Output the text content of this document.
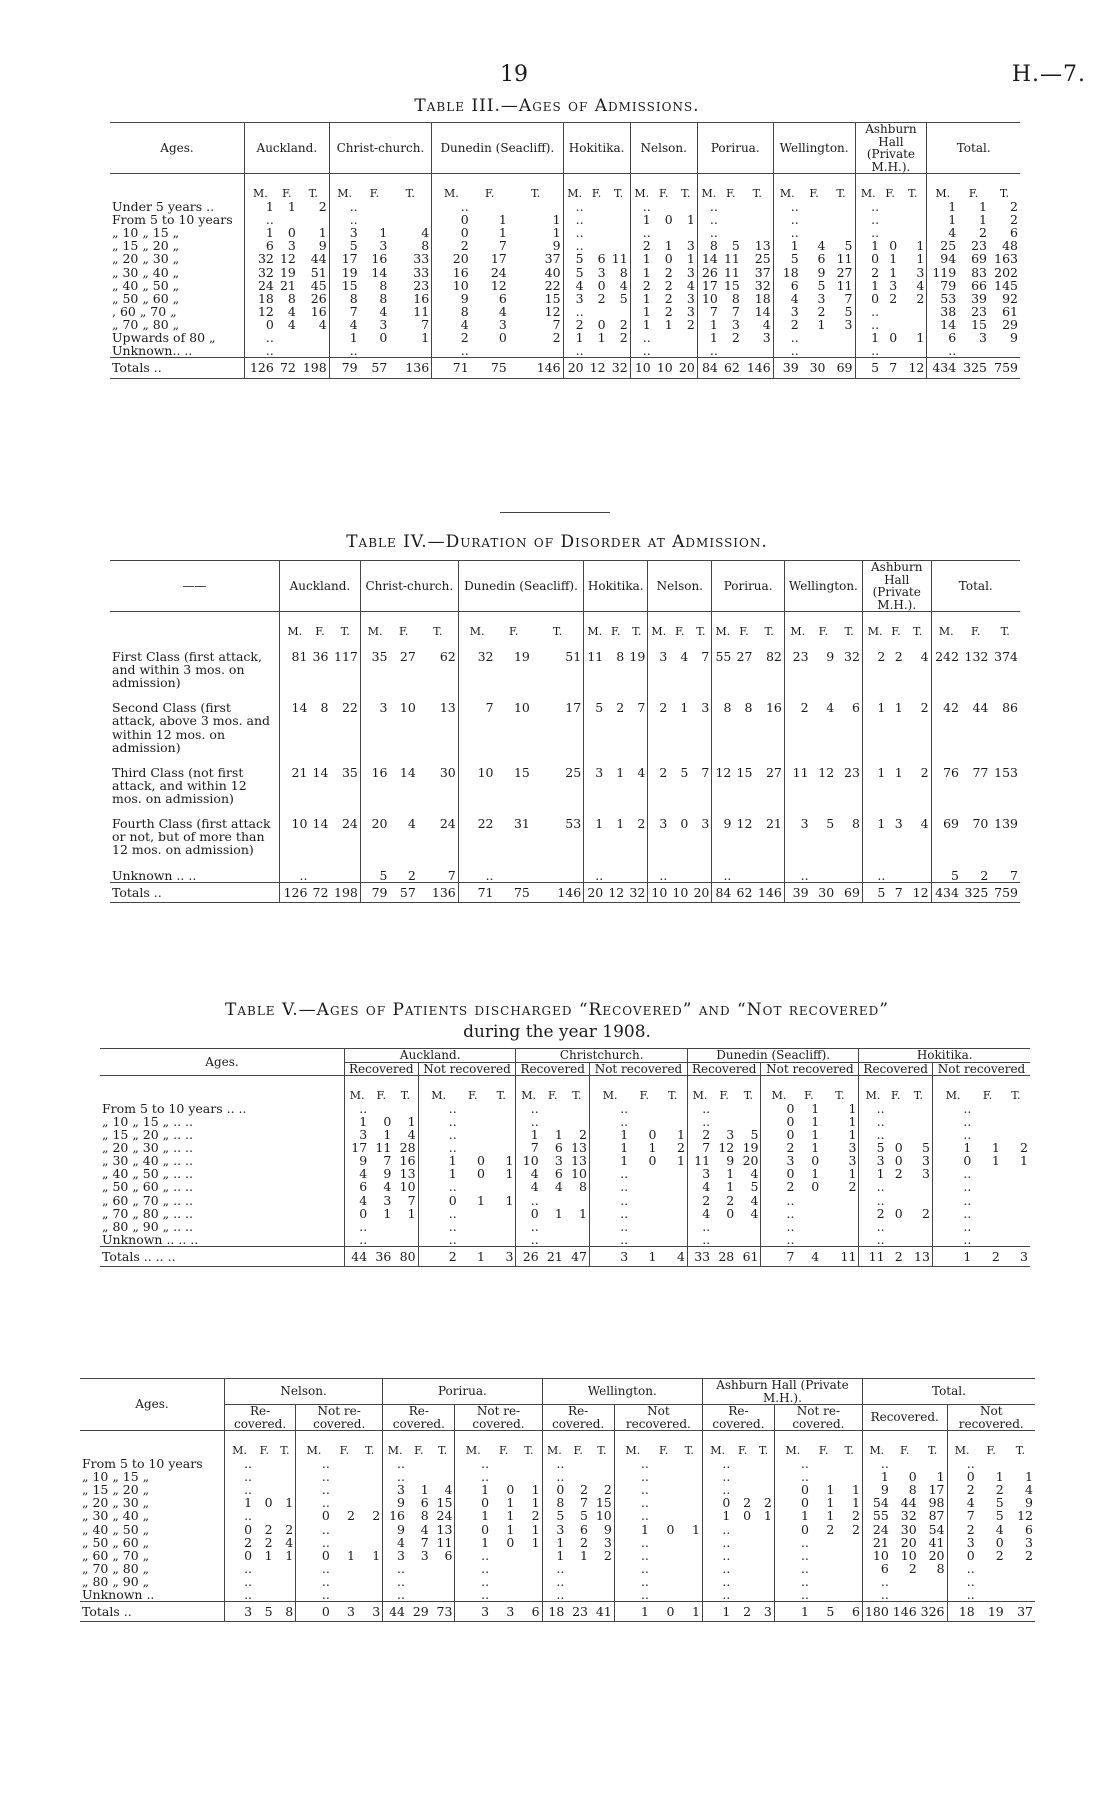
19	H.—7.
Table III.—Ages of Admissions.
Ages.	Auckland.			Christ-church.			Dunedin (Seacliff).			Hokitika.			Nelson.			Porirua.			Wellington.			Ashburn Hall (Private M.H.).			Total.		
	M.	F.	T.	M.	F.	T.	M.	F.	T.	M.	F.	T.	M.	F.	T.	M.	F.	T.	M.	F.	T.	M.	F.	T.	M.	F.	T.
Under 5 years ..	1	1	2	..			..			..			..			..			..			..			1	1	2
From 5 to 10 years	..			..			0	1	1	..			1	0	1	..			..			..			1	1	2
„ 10 „ 15 „	1	0	1	3	1	4	0	1	1	..			..			..			..			..			4	2	6
„ 15 „ 20 „	6	3	9	5	3	8	2	7	9	..			2	1	3	8	5	13	1	4	5	1	0	1	25	23	48
„ 20 „ 30 „	32	12	44	17	16	33	20	17	37	5	6	11	1	0	1	14	11	25	5	6	11	0	1	1	94	69	163
„ 30 „ 40 „	32	19	51	19	14	33	16	24	40	5	3	8	1	2	3	26	11	37	18	9	27	2	1	3	119	83	202
„ 40 „ 50 „	24	21	45	15	8	23	10	12	22	4	0	4	2	2	4	17	15	32	6	5	11	1	3	4	79	66	145
„ 50 „ 60 „	18	8	26	8	8	16	9	6	15	3	2	5	1	2	3	10	8	18	4	3	7	0	2	2	53	39	92
, 60 „ 70 „	12	4	16	7	4	11	8	4	12	..			1	2	3	7	7	14	3	2	5	..			38	23	61
„ 70 „ 80 „	0	4	4	4	3	7	4	3	7	2	0	2	1	1	2	1	3	4	2	1	3	..			14	15	29
Upwards of 80 „	..			1	0	1	2	0	2	1	1	2	..			1	2	3	..			1	0	1	6	3	9
Unknown.. ..	..			..			..			..			..			..			..			..			..		
Totals ..	126	72	198	79	57	136	71	75	146	20	12	32	10	10	20	84	62	146	39	30	69	5	7	12	434	325	759
Table IV.—Duration of Disorder at Admission.
——	Auckland.			Christ-church.			Dunedin (Seacliff).			Hokitika.			Nelson.			Porirua.			Wellington.			Ashburn Hall (Private M.H.).			Total.		
	M.	F.	T.	M.	F.	T.	M.	F.	T.	M.	F.	T.	M.	F.	T.	M.	F.	T.	M.	F.	T.	M.	F.	T.	M.	F.	T.
First Class (first attack, and within 3 mos. on admission)	81	36	117	35	27	62	32	19	51	11	8	19	3	4	7	55	27	82	23	9	32	2	2	4	242	132	374
Second Class (first attack, above 3 mos. and within 12 mos. on admission)	14	8	22	3	10	13	7	10	17	5	2	7	2	1	3	8	8	16	2	4	6	1	1	2	42	44	86
Third Class (not first attack, and within 12 mos. on admission)	21	14	35	16	14	30	10	15	25	3	1	4	2	5	7	12	15	27	11	12	23	1	1	2	76	77	153
Fourth Class (first attack or not, but of more than 12 mos. on admission)	10	14	24	20	4	24	22	31	53	1	1	2	3	0	3	9	12	21	3	5	8	1	3	4	69	70	139
Unknown .. ..	..			5	2	7	..			..			..			..			..			..			5	2	7
Totals ..	126	72	198	79	57	136	71	75	146	20	12	32	10	10	20	84	62	146	39	30	69	5	7	12	434	325	759
Table V.—Ages of Patients discharged “Recovered” and “Not recovered”
during the year 1908.
Ages.	Auckland.						Christchurch.						Dunedin (Seacliff).						Hokitika.					
	Recovered			Not recovered			Recovered			Not recovered			Recovered			Not recovered			Recovered			Not recovered		
	M.	F.	T.	M.	F.	T.	M.	F.	T.	M.	F.	T.	M.	F.	T.	M.	F.	T.	M.	F.	T.	M.	F.	T.
From 5 to 10 years .. ..	..			..			..			..			..			0	1	1	..			..		
„ 10 „ 15 „ .. ..	1	0	1	..			..			..			..			0	1	1	..			..		
„ 15 „ 20 „ .. ..	3	1	4	..			1	1	2	1	0	1	2	3	5	0	1	1	..			..		
„ 20 „ 30 „ .. ..	17	11	28	..			7	6	13	1	1	2	7	12	19	2	1	3	5	0	5	1	1	2
„ 30 „ 40 „ .. ..	9	7	16	1	0	1	10	3	13	1	0	1	11	9	20	3	0	3	3	0	3	0	1	1
„ 40 „ 50 „ .. ..	4	9	13	1	0	1	4	6	10	..			3	1	4	0	1	1	1	2	3	..		
„ 50 „ 60 „ .. ..	6	4	10	..			4	4	8	..			4	1	5	2	0	2	..			..		
„ 60 „ 70 „ .. ..	4	3	7	0	1	1	..			..			2	2	4	..			..			..		
„ 70 „ 80 „ .. ..	0	1	1	..			0	1	1	..			4	0	4	..			2	0	2	..		
„ 80 „ 90 „ .. ..	..			..			..			..			..			..			..			..		
Unknown .. .. ..	..			..			..			..			..			..			..			..		
Totals .. .. ..	44	36	80	2	1	3	26	21	47	3	1	4	33	28	61	7	4	11	11	2	13	1	2	3
Ages.	Nelson.						Porirua.						Wellington.						Ashburn Hall (Private M.H.).						Total.					
	Re-covered.			Not re-covered.			Re-covered.			Not re-covered.			Re-covered.			Not recovered.			Re-covered.			Not re-covered.			Recovered.			Not recovered.		
	M.	F.	T.	M.	F.	T.	M.	F.	T.	M.	F.	T.	M.	F.	T.	M.	F.	T.	M.	F.	T.	M.	F.	T.	M.	F.	T.	M.	F.	T.
From 5 to 10 years	..			..			..			..			..			..			..			..			..			..		
„ 10 „ 15 „	..			..			..			..			..			..			..			..			1	0	1	0	1	1
„ 15 „ 20 „	..			..			3	1	4	1	0	1	0	2	2	..			..			0	1	1	9	8	17	2	2	4
„ 20 „ 30 „	1	0	1	..			9	6	15	0	1	1	8	7	15	..			0	2	2	0	1	1	54	44	98	4	5	9
„ 30 „ 40 „	..			0	2	2	16	8	24	1	1	2	5	5	10	..			1	0	1	1	1	2	55	32	87	7	5	12
„ 40 „ 50 „	0	2	2	..			9	4	13	0	1	1	3	6	9	1	0	1	..			0	2	2	24	30	54	2	4	6
„ 50 „ 60 „	2	2	4	..			4	7	11	1	0	1	1	2	3	..			..			..			21	20	41	3	0	3
„ 60 „ 70 „	0	1	1	0	1	1	3	3	6	..			1	1	2	..			..			..			10	10	20	0	2	2
„ 70 „ 80 „	..			..			..			..			..			..			..			..			6	2	8	..		
„ 80 „ 90 „	..			..			..			..			..			..			..			..			..			..		
Unknown ..	..			..			..			..			..			..			..			..			..			..		
Totals ..	3	5	8	0	3	3	44	29	73	3	3	6	18	23	41	1	0	1	1	2	3	1	5	6	180	146	326	18	19	37
